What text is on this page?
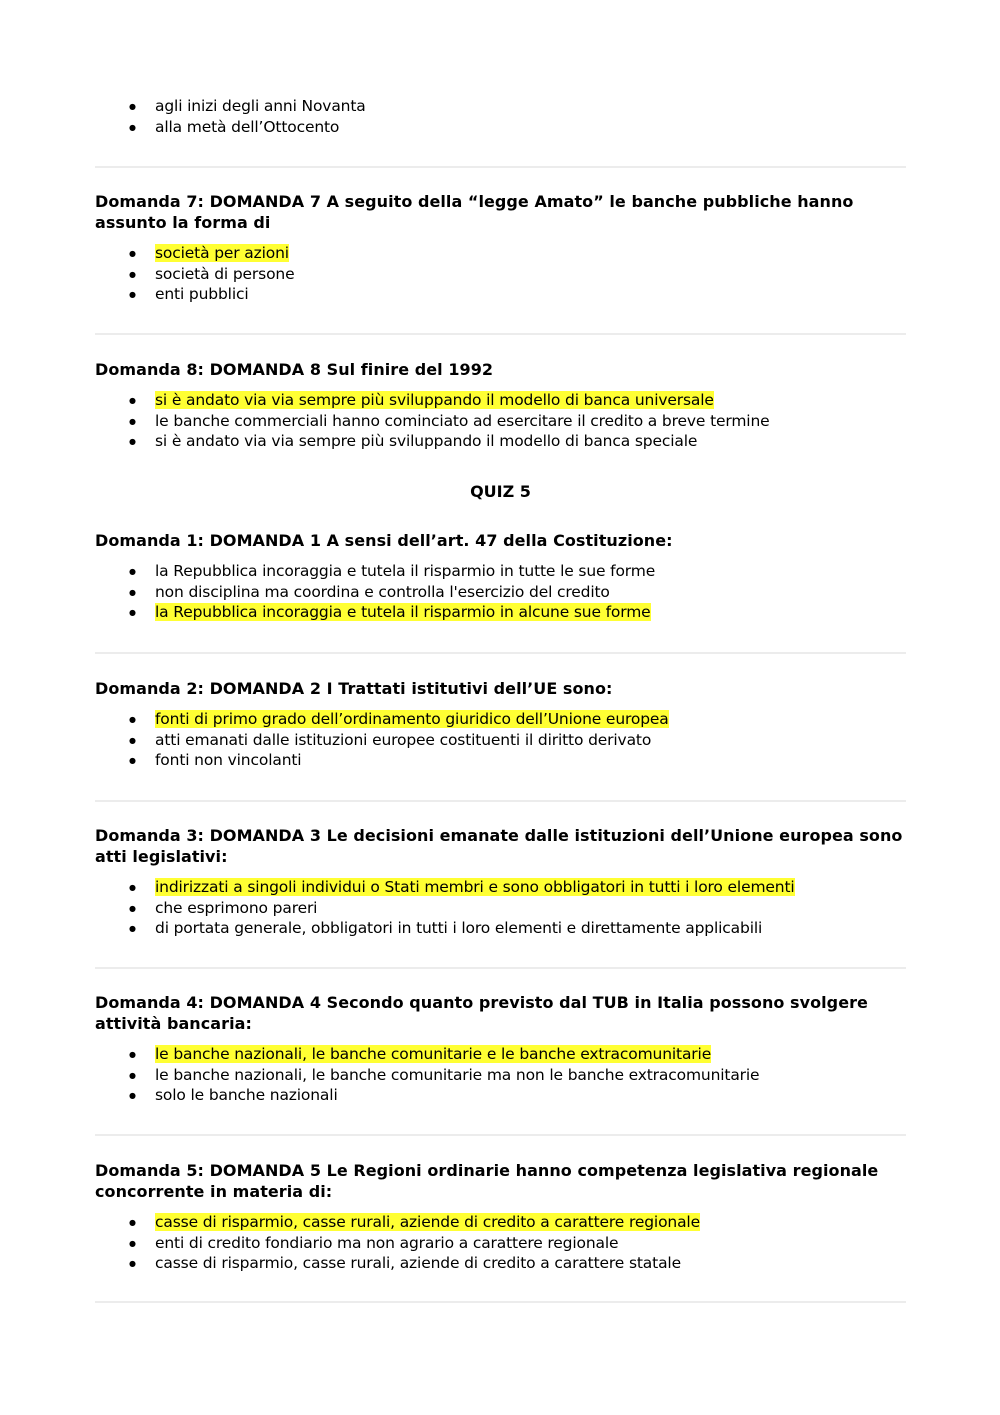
● agli inizi degli anni Novanta
● alla metà dell’Ottocento

Domanda 7: DOMANDA 7 A seguito della “legge Amato” le banche pubbliche hanno assunto la forma di

● società per azioni
● società di persone
● enti pubblici

Domanda 8: DOMANDA 8 Sul finire del 1992

● si è andato via via sempre più sviluppando il modello di banca universale
● le banche commerciali hanno cominciato ad esercitare il credito a breve termine
● si è andato via via sempre più sviluppando il modello di banca speciale
QUIZ 5

Domanda 1: DOMANDA 1 A sensi dell’art. 47 della Costituzione:

● la Repubblica incoraggia e tutela il risparmio in tutte le sue forme
● non disciplina ma coordina e controlla l'esercizio del credito
● la Repubblica incoraggia e tutela il risparmio in alcune sue forme

Domanda 2: DOMANDA 2 I Trattati istitutivi dell’UE sono:

● fonti di primo grado dell’ordinamento giuridico dell’Unione europea
● atti emanati dalle istituzioni europee costituenti il diritto derivato
● fonti non vincolanti

Domanda 3: DOMANDA 3 Le decisioni emanate dalle istituzioni dell’Unione europea sono atti legislativi:

● indirizzati a singoli individui o Stati membri e sono obbligatori in tutti i loro elementi
● che esprimono pareri
● di portata generale, obbligatori in tutti i loro elementi e direttamente applicabili

Domanda 4: DOMANDA 4 Secondo quanto previsto dal TUB in Italia possono svolgere attività bancaria:

● le banche nazionali, le banche comunitarie e le banche extracomunitarie
● le banche nazionali, le banche comunitarie ma non le banche extracomunitarie
● solo le banche nazionali

Domanda 5: DOMANDA 5 Le Regioni ordinarie hanno competenza legislativa regionale concorrente in materia di:

● casse di risparmio, casse rurali, aziende di credito a carattere regionale
● enti di credito fondiario ma non agrario a carattere regionale
● casse di risparmio, casse rurali, aziende di credito a carattere statale
